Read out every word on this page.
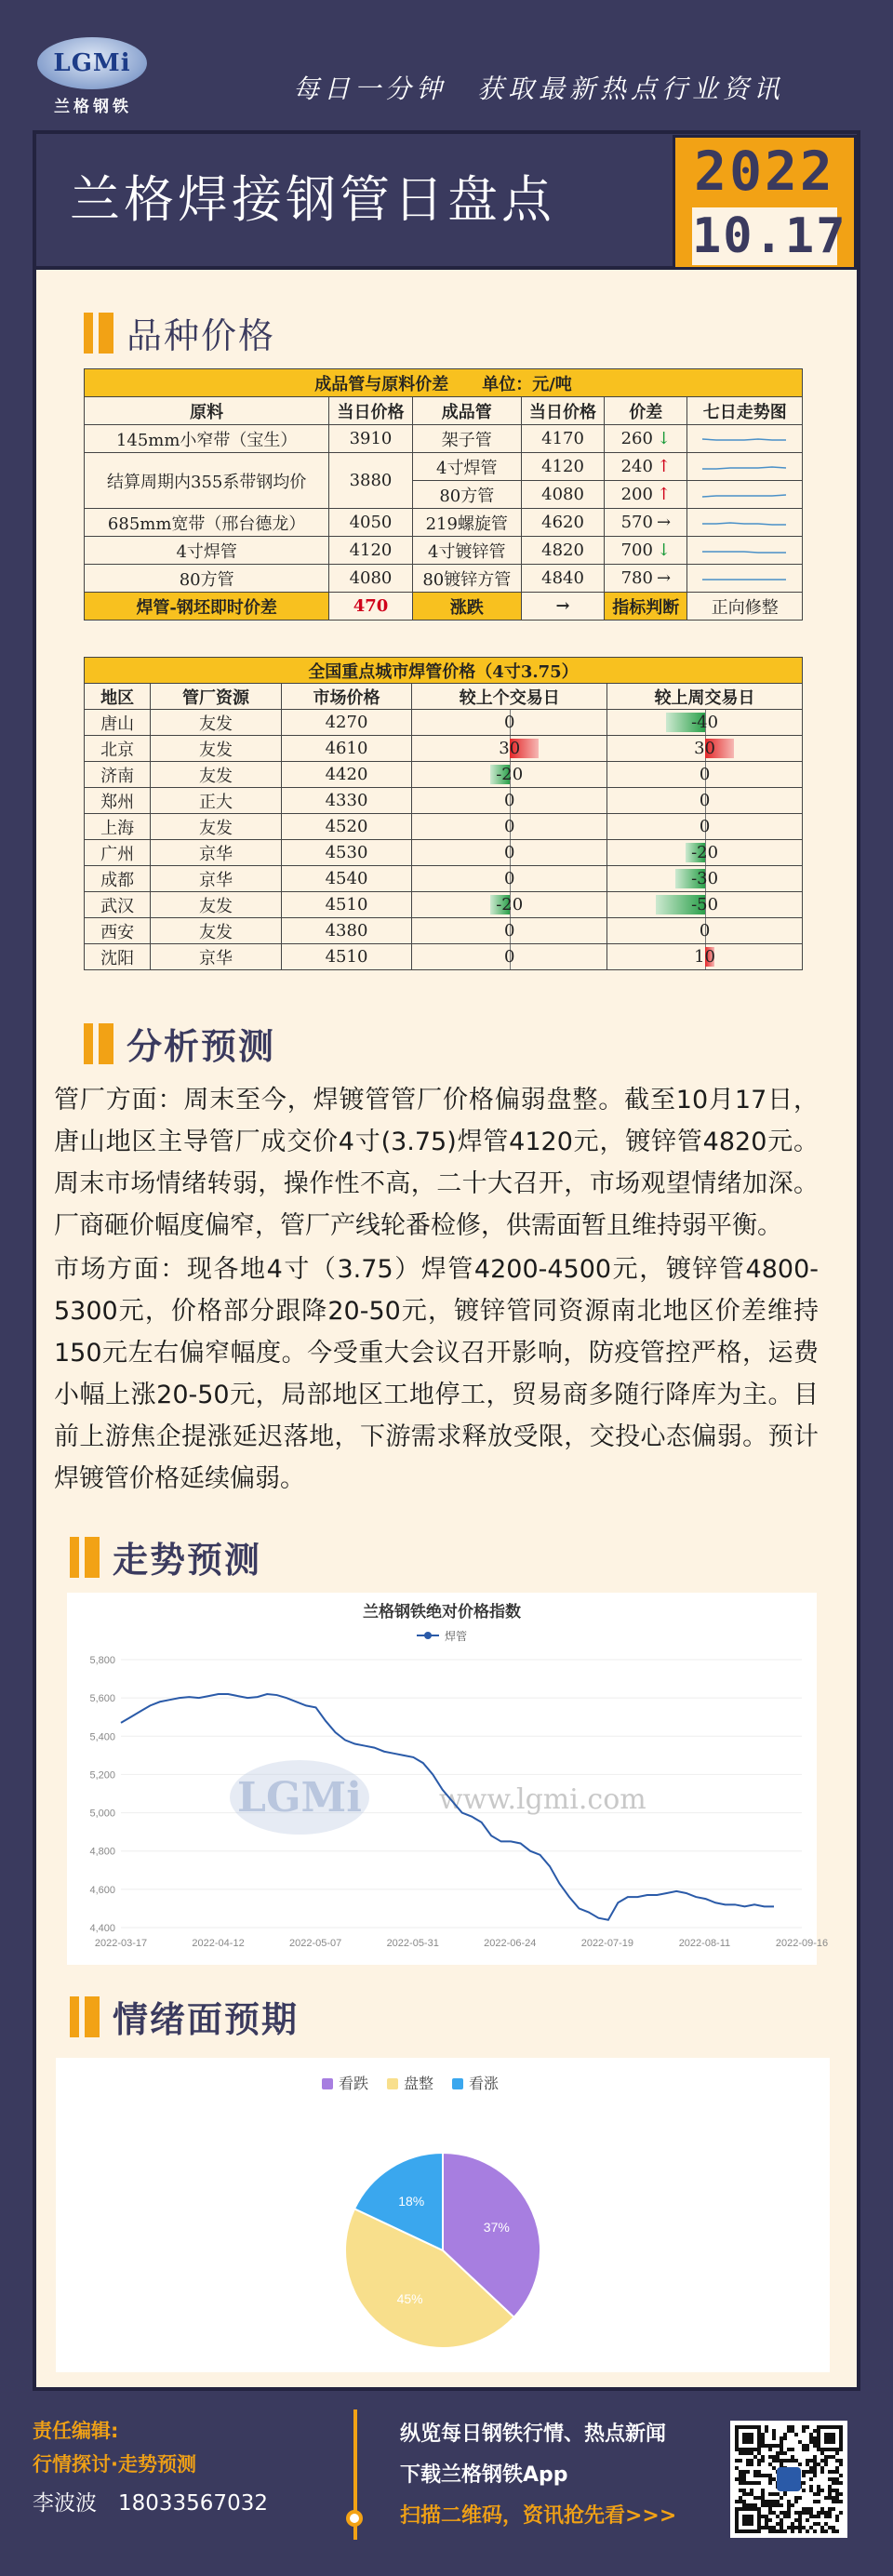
LGMi
兰格钢铁
每日一分钟　获取最新热点行业资讯
兰格焊接钢管日盘点	2022
10.17
品种价格
成品管与原料价差　　单位：元/吨					
原料	当日价格	成品管	当日价格	价差	七日走势图
145mm小窄带（宝生）	3910	架子管	4170	260 ↓	
结算周期内355系带钢均价	3880	4寸焊管	4120	240 ↑	
		80方管	4080	200 ↑	
685mm宽带（邢台德龙）	4050	219螺旋管	4620	570 →	
4寸焊管	4120	4寸镀锌管	4820	700 ↓	
80方管	4080	80镀锌方管	4840	780 →	
焊管-钢坯即时价差	470	涨跌	→	指标判断	正向修整
全国重点城市焊管价格（4寸3.75）				
地区	管厂资源	市场价格	较上个交易日	较上周交易日
唐山	友发	4270	0	-40
北京	友发	4610	30	30
济南	友发	4420	-20	0
郑州	正大	4330	0	0
上海	友发	4520	0	0
广州	京华	4530	0	-20
成都	京华	4540	0	-30
武汉	友发	4510	-20	-50
西安	友发	4380	0	0
沈阳	京华	4510	0	10
分析预测

管厂方面：周末至今，焊镀管管厂价格偏弱盘整。截至10月17日，唐山地区主导管厂成交价4寸(3.75)焊管4120元，镀锌管4820元。周末市场情绪转弱，操作性不高，二十大召开，市场观望情绪加深。厂商砸价幅度偏窄，管厂产线轮番检修，供需面暂且维持弱平衡。

市场方面：现各地4寸（3.75）焊管4200-4500元，镀锌管4800-5300元，价格部分跟降20-50元，镀锌管同资源南北地区价差维持150元左右偏窄幅度。今受重大会议召开影响，防疫管控严格，运费小幅上涨20-50元，局部地区工地停工，贸易商多随行降库为主。目前上游焦企提涨延迟落地，下游需求释放受限，交投心态偏弱。预计焊镀管价格延续偏弱。

走势预测
兰格钢铁绝对价格指数
焊管
5,800
5,600
5,400
5,200
5,000
4,800
4,600
4,400
2022-03-17	2022-04-12	2022-05-07	2022-05-31	2022-06-24	2022-07-19	2022-08-11	2022-09-16
LGMi	www.lgmi.com
情绪面预期
看跌 盘整 看涨
37%
45%
18%
责任编辑:
行情探讨·走势预测
李波波　18033567032
纵览每日钢铁行情、热点新闻
下载兰格钢铁App
扫描二维码，资讯抢先看>>>
